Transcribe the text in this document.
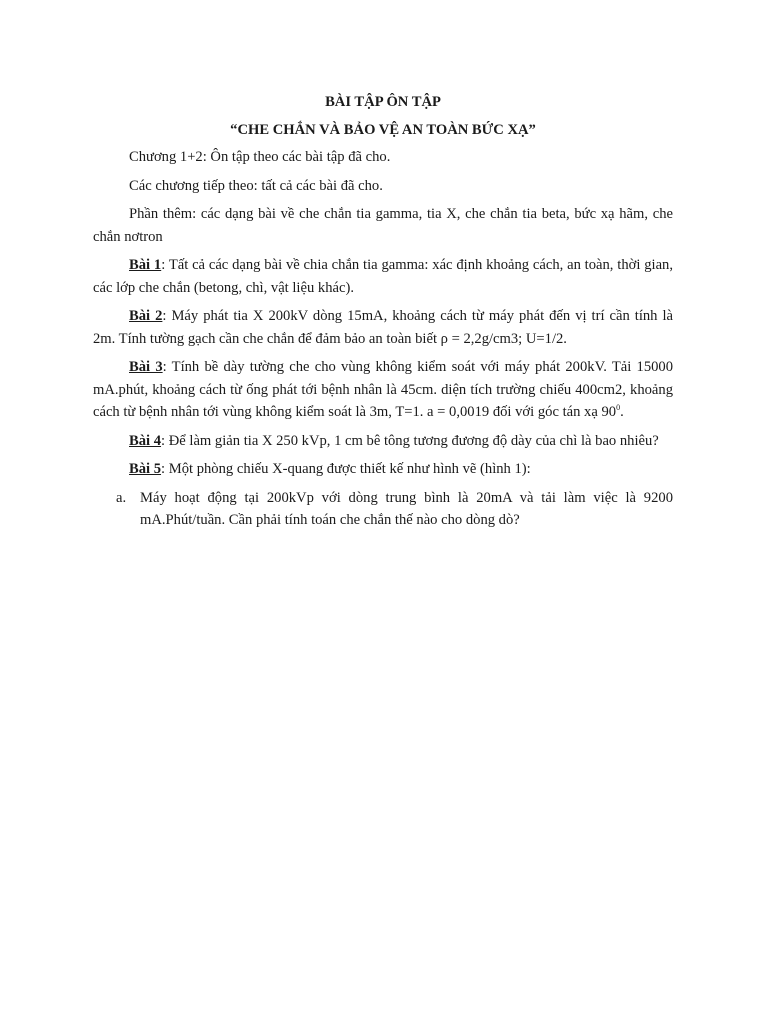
BÀI TẬP ÔN TẬP

“CHE CHẮN VÀ BẢO VỆ AN TOÀN BỨC XẠ”

Chương 1+2: Ôn tập theo các bài tập đã cho.

Các chương tiếp theo: tất cả các bài đã cho.

Phần thêm: các dạng bài về che chắn tia gamma, tia X, che chắn tia beta, bức xạ hãm, che chắn nơtron

Bài 1: Tất cả các dạng bài về chia chắn tia gamma: xác định khoảng cách, an toàn, thời gian, các lớp che chắn (betong, chì, vật liệu khác).

Bài 2: Máy phát tia X 200kV dòng 15mA, khoảng cách từ máy phát đến vị trí cần tính là 2m. Tính tường gạch cần che chắn để đảm bảo an toàn biết ρ = 2,2g/cm3; U=1/2.

Bài 3: Tính bề dày tường che cho vùng không kiểm soát với máy phát 200kV. Tải 15000 mA.phút, khoảng cách từ ống phát tới bệnh nhân là 45cm. diện tích trường chiếu 400cm2, khoảng cách từ bệnh nhân tới vùng không kiểm soát là 3m, T=1. a = 0,0019 đối với góc tán xạ $90^0$.

Bài 4: Để làm giản tia X 250 kVp, 1 cm bê tông tương đương độ dày của chì là bao nhiêu?

Bài 5: Một phòng chiếu X-quang được thiết kế như hình vẽ (hình 1):

a. Máy hoạt động tại 200kVp với dòng trung bình là 20mA và tải làm việc là 9200 mA.Phút/tuần. Cần phải tính toán che chắn thế nào cho dòng dò?
